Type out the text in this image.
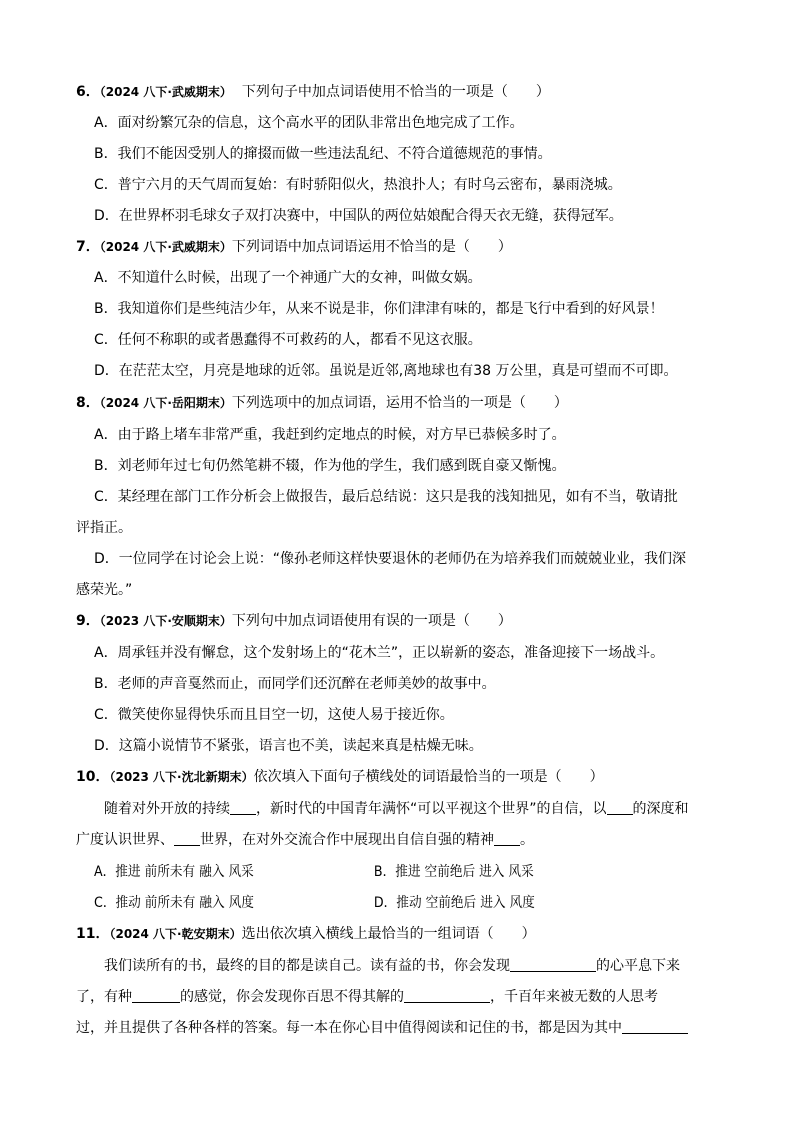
6．（2024 八下·武威期末） 下列句子中加点词语使用不恰当的一项是（　　）
A．面对纷繁冗杂的信息，这个高水平的团队非常出色地完成了工作。
B．我们不能因受别人的撺掇而做一些违法乱纪、不符合道德规范的事情。
C．普宁六月的天气周而复始：有时骄阳似火，热浪扑人；有时乌云密布，暴雨浇城。
D．在世界杯羽毛球女子双打决赛中，中国队的两位姑娘配合得天衣无缝，获得冠军。
7．（2024 八下·武威期末）下列词语中加点词语运用不恰当的是（　　）
A．不知道什么时候，出现了一个神通广大的女神，叫做女娲。
B．我知道你们是些纯洁少年，从来不说是非，你们津津有味的，都是飞行中看到的好风景！
C．任何不称职的或者愚蠢得不可救药的人，都看不见这衣服。
D．在茫茫太空，月亮是地球的近邻。虽说是近邻,离地球也有38 万公里，真是可望而不可即。
8．（2024 八下·岳阳期末）下列选项中的加点词语，运用不恰当的一项是（　　）
A．由于路上堵车非常严重，我赶到约定地点的时候，对方早已恭候多时了。
B．刘老师年过七旬仍然笔耕不辍，作为他的学生，我们感到既自豪又惭愧。
C．某经理在部门工作分析会上做报告，最后总结说：这只是我的浅知拙见，如有不当，敬请批
评指正。
D．一位同学在讨论会上说：“像孙老师这样快要退休的老师仍在为培养我们而兢兢业业，我们深
感荣光。”
9．（2023 八下·安顺期末）下列句中加点词语使用有误的一项是（　　）
A．周承钰并没有懈怠，这个发射场上的“花木兰”，正以崭新的姿态，准备迎接下一场战斗。
B．老师的声音戛然而止，而同学们还沉醉在老师美妙的故事中。
C．微笑使你显得快乐而且目空一切，这使人易于接近你。
D．这篇小说情节不紧张，语言也不美，读起来真是枯燥无味。
10．（2023 八下·沈北新期末）依次填入下面句子横线处的词语最恰当的一项是（　　）
随着对外开放的持续 ，新时代的中国青年满怀“可以平视这个世界”的自信，以 的深度和
广度认识世界、 世界，在对外交流合作中展现出自信自强的精神 。
A．推进 前所未有 融入 风采	B．推进 空前绝后 进入 风采
C．推动 前所未有 融入 风度	D．推动 空前绝后 进入 风度
11．（2024 八下·乾安期末）选出依次填入横线上最恰当的一组词语（　　）
我们读所有的书，最终的目的都是读自己。读有益的书，你会发现	的心平息下来
了，有种	的感觉，你会发现你百思不得其解的	，千百年来被无数的人思考
过，并且提供了各种各样的答案。每一本在你心目中值得阅读和记住的书，都是因为其中
